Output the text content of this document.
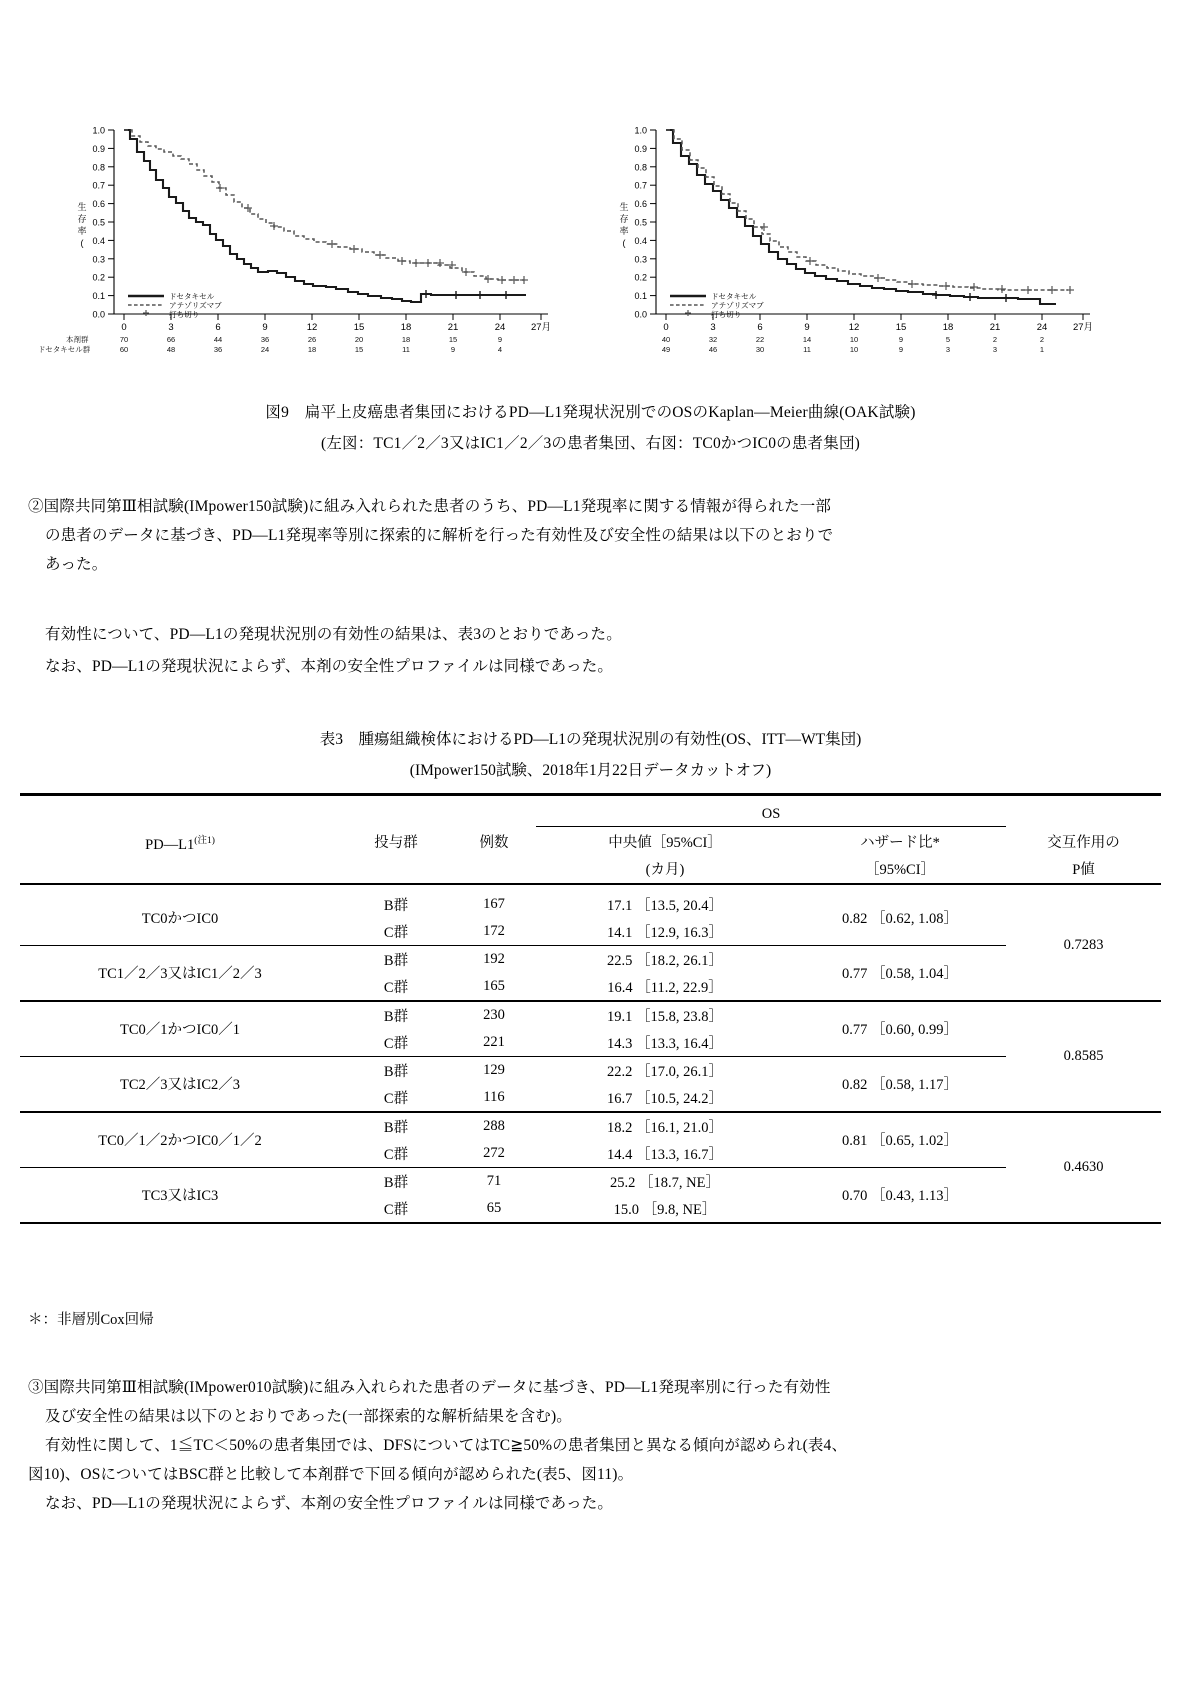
1.0
0.9
0.8
0.7
0.6
0.5
0.4
0.3
0.2
0.1
0.0
生
存
率
(
0	3	6	9	12	15	18	21	24	27月
ドセタキセル
アテゾリズマブ
打ち切り
本剤群
ドセタキセル群
70	66	44	36	26	20	18	15	9
60	48	36	24	18	15	11	9	4
1.0
0.9
0.8
0.7
0.6
0.5
0.4
0.3
0.2
0.1
0.0
生
存
率
(
0	3	6	9	12	15	18	21	24	27月
ドセタキセル
アテゾリズマブ
打ち切り
40	32	22	14	10	9	5	2	2
49	46	30	11	10	9	3	3	1
図9　扁平上皮癌患者集団におけるPD―L1発現状況別でのOSのKaplan―Meier曲線(OAK試験)
(左図：TC1／2／3又はIC1／2／3の患者集団、右図：TC0かつIC0の患者集団)
②国際共同第Ⅲ相試験(IMpower150試験)に組み入れられた患者のうち、PD―L1発現率に関する情報が得られた一部
の患者のデータに基づき、PD―L1発現率等別に探索的に解析を行った有効性及び安全性の結果は以下のとおりで
あった。
有効性について、PD―L1の発現状況別の有効性の結果は、表3のとおりであった。
なお、PD―L1の発現状況によらず、本剤の安全性プロファイルは同様であった。
表3　腫瘍組織検体におけるPD―L1の発現状況別の有効性(OS、ITT―WT集団)
(IMpower150試験、2018年1月22日データカットオフ)

			OS		

$PD―L1^{(注1)}$	投与群	例数	中央値［95%CI］	ハザード比*	交互作用の
			(カ月)	［95%CI］	P値

TC0かつIC0	B群	167	17.1 ［13.5, 20.4］	0.82 ［0.62, 1.08］	0.7283
	C群	172	14.1 ［12.9, 16.3］		
TC1／2／3又はIC1／2／3	B群	192	22.5 ［18.2, 26.1］	0.77 ［0.58, 1.04］	
	C群	165	16.4 ［11.2, 22.9］		
TC0／1かつIC0／1	B群	230	19.1 ［15.8, 23.8］	0.77 ［0.60, 0.99］	0.8585
	C群	221	14.3 ［13.3, 16.4］		
TC2／3又はIC2／3	B群	129	22.2 ［17.0, 26.1］	0.82 ［0.58, 1.17］	
	C群	116	16.7 ［10.5, 24.2］		
TC0／1／2かつIC0／1／2	B群	288	18.2 ［16.1, 21.0］	0.81 ［0.65, 1.02］	0.4630
	C群	272	14.4 ［13.3, 16.7］		
TC3又はIC3	B群	71	25.2 ［18.7, NE］	0.70 ［0.43, 1.13］	
	C群	65	15.0 ［9.8, NE］		

＊：非層別Cox回帰
③国際共同第Ⅲ相試験(IMpower010試験)に組み入れられた患者のデータに基づき、PD―L1発現率別に行った有効性
及び安全性の結果は以下のとおりであった(一部探索的な解析結果を含む)。
有効性に関して、1≦TC＜50%の患者集団では、DFSについてはTC≧50%の患者集団と異なる傾向が認められ(表4、
図10)、OSについてはBSC群と比較して本剤群で下回る傾向が認められた(表5、図11)。
なお、PD―L1の発現状況によらず、本剤の安全性プロファイルは同様であった。
